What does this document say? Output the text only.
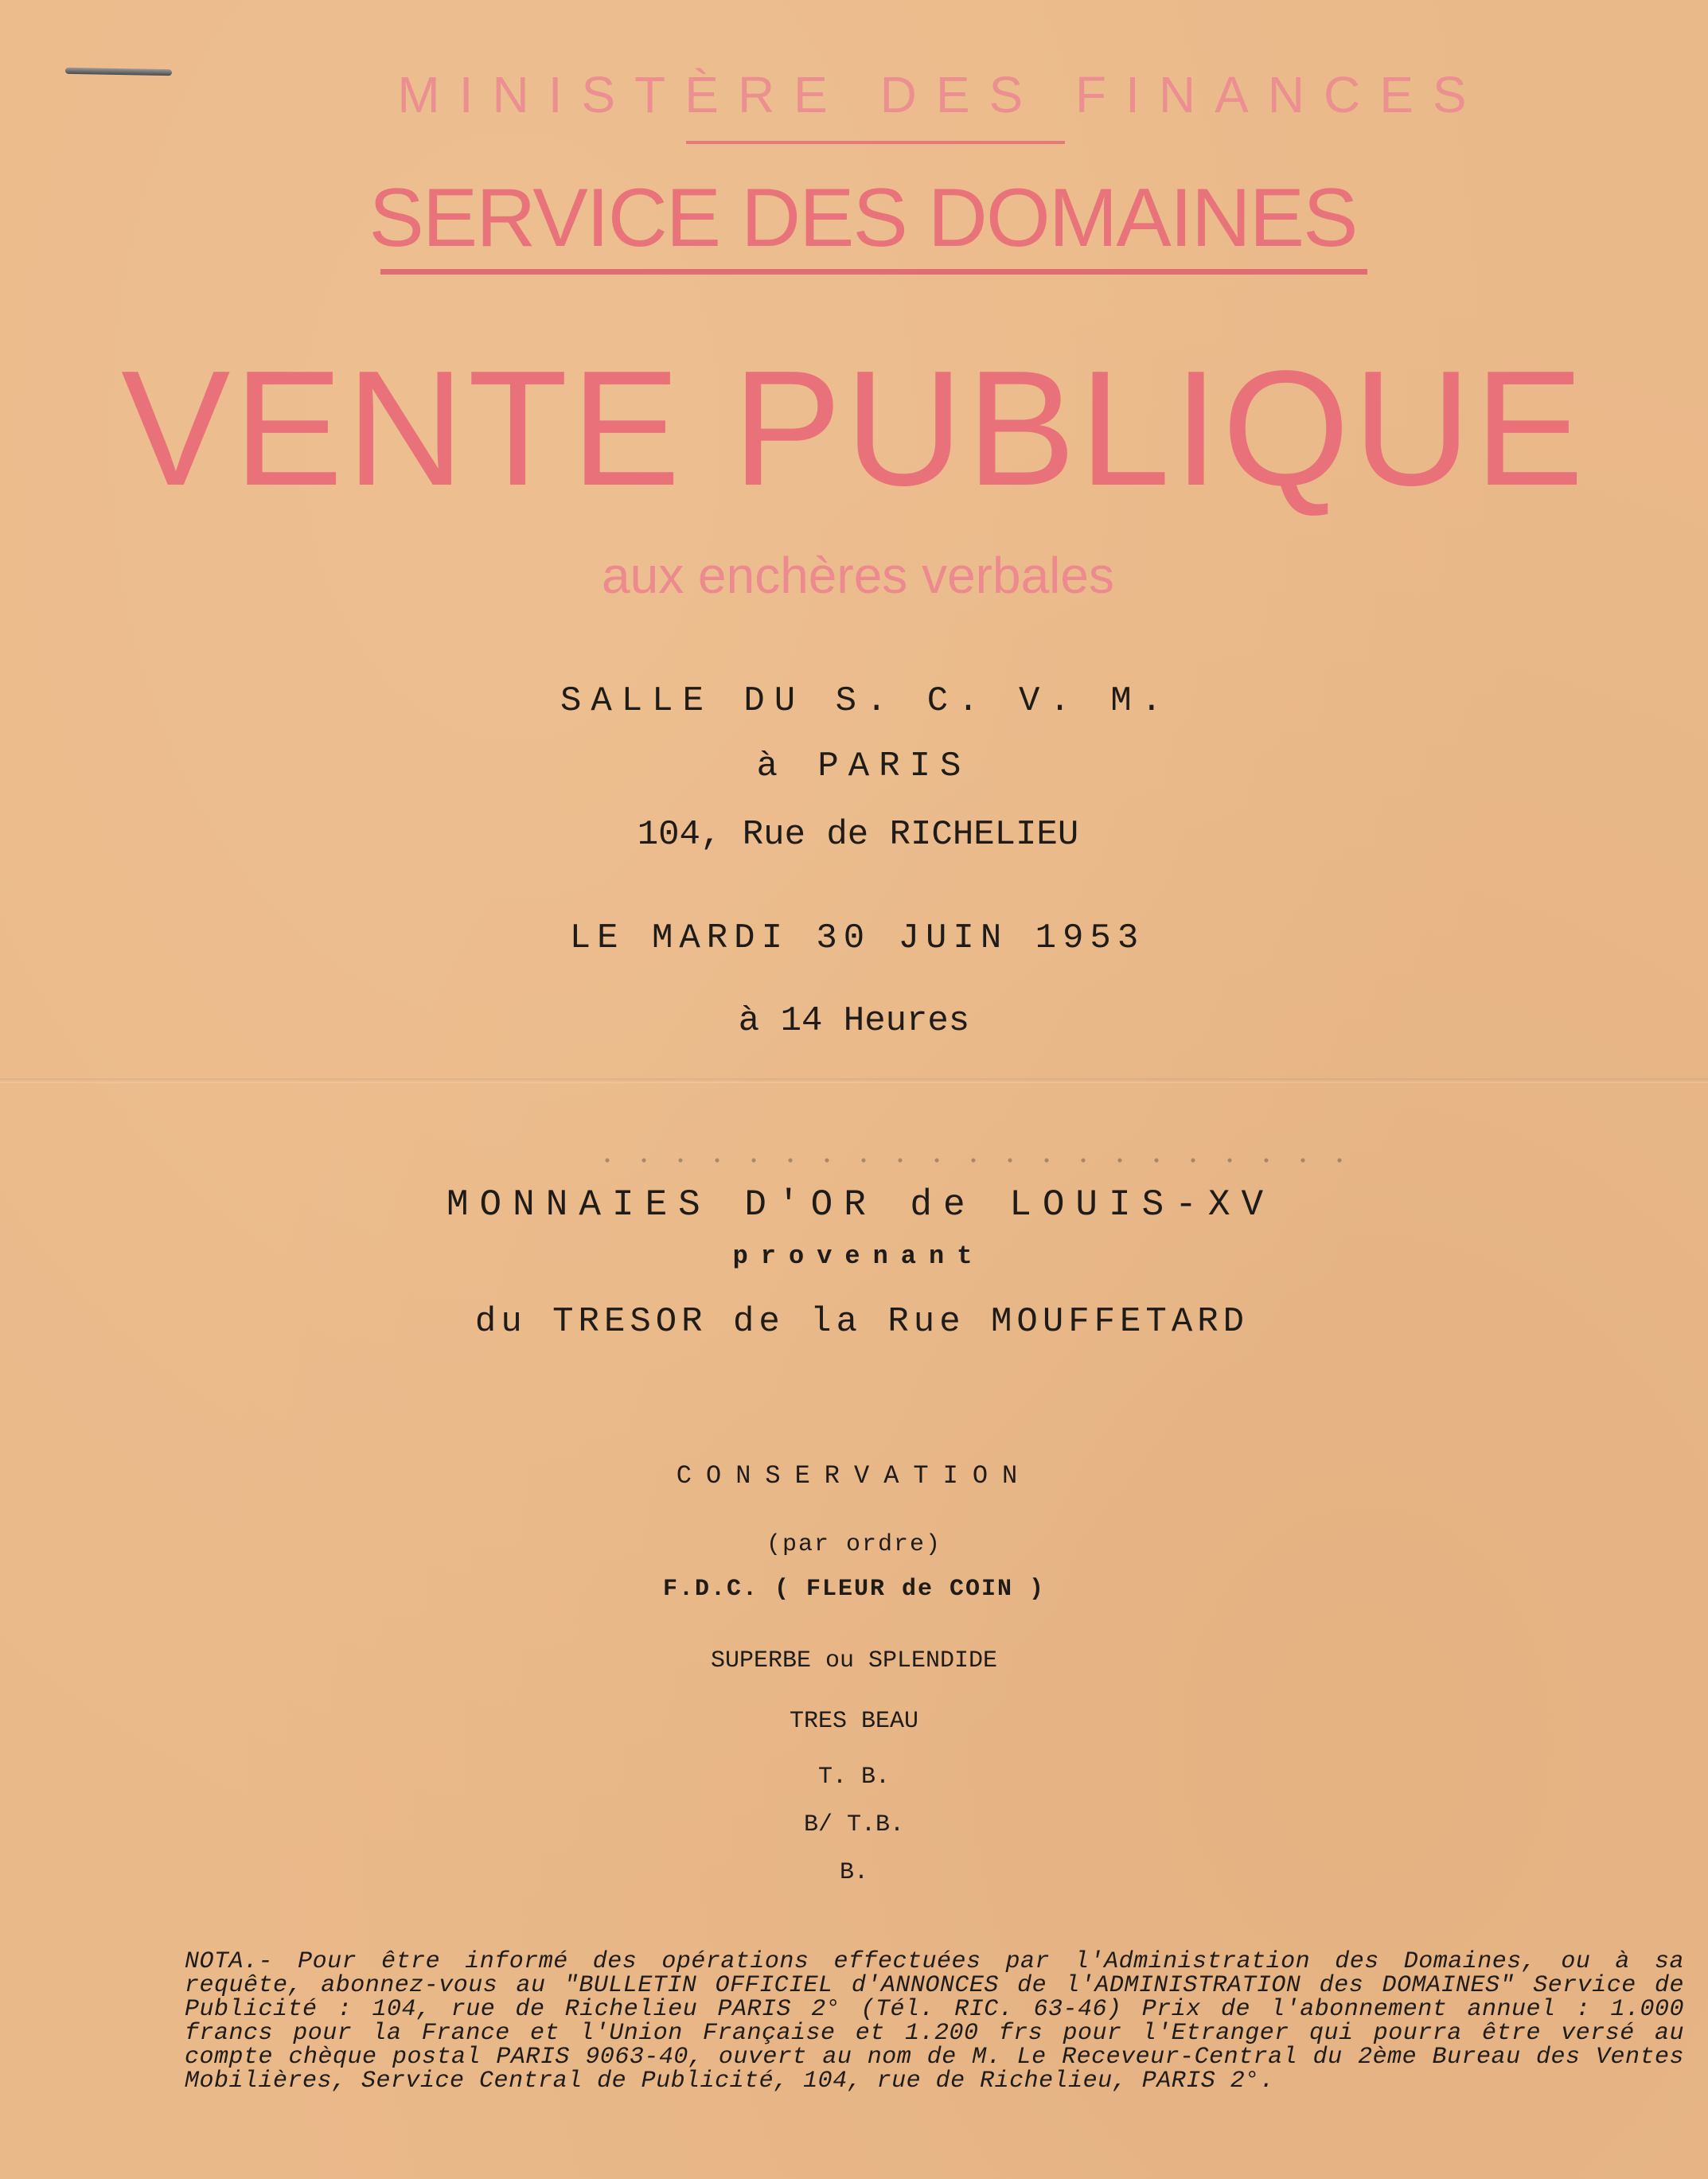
MINISTÈRE DES FINANCES
SERVICE DES DOMAINES
VENTE PUBLIQUE
aux enchères verbales
SALLE DU S. C. V. M.
à PARIS
104, Rue de RICHELIEU
LE MARDI 30 JUIN 1953
à 14 Heures
MONNAIES D'OR de LOUIS-XV
provenant
du TRESOR de la Rue MOUFFETARD
CONSERVATION
(par ordre)
F.D.C. ( FLEUR de COIN )
SUPERBE ou SPLENDIDE
TRES BEAU
T. B.
B/ T.B.
B.
NOTA.- Pour être informé des opérations effectuées par l'Administration des Domaines, ou à sa requête, abonnez-vous au "BULLETIN OFFICIEL d'ANNONCES de l'ADMINISTRATION des DOMAINES" Service de Publicité : 104, rue de Richelieu PARIS 2° (Tél. RIC. 63-46) Prix de l'abonnement annuel : 1.000 francs pour la France et l'Union Française et 1.200 frs pour l'Etranger qui pourra être versé au compte chèque postal PARIS 9063-40, ouvert au nom de M. Le Receveur-Central du 2ème Bureau des Ventes Mobilières, Service Central de Publicité, 104, rue de Richelieu, PARIS 2°.
